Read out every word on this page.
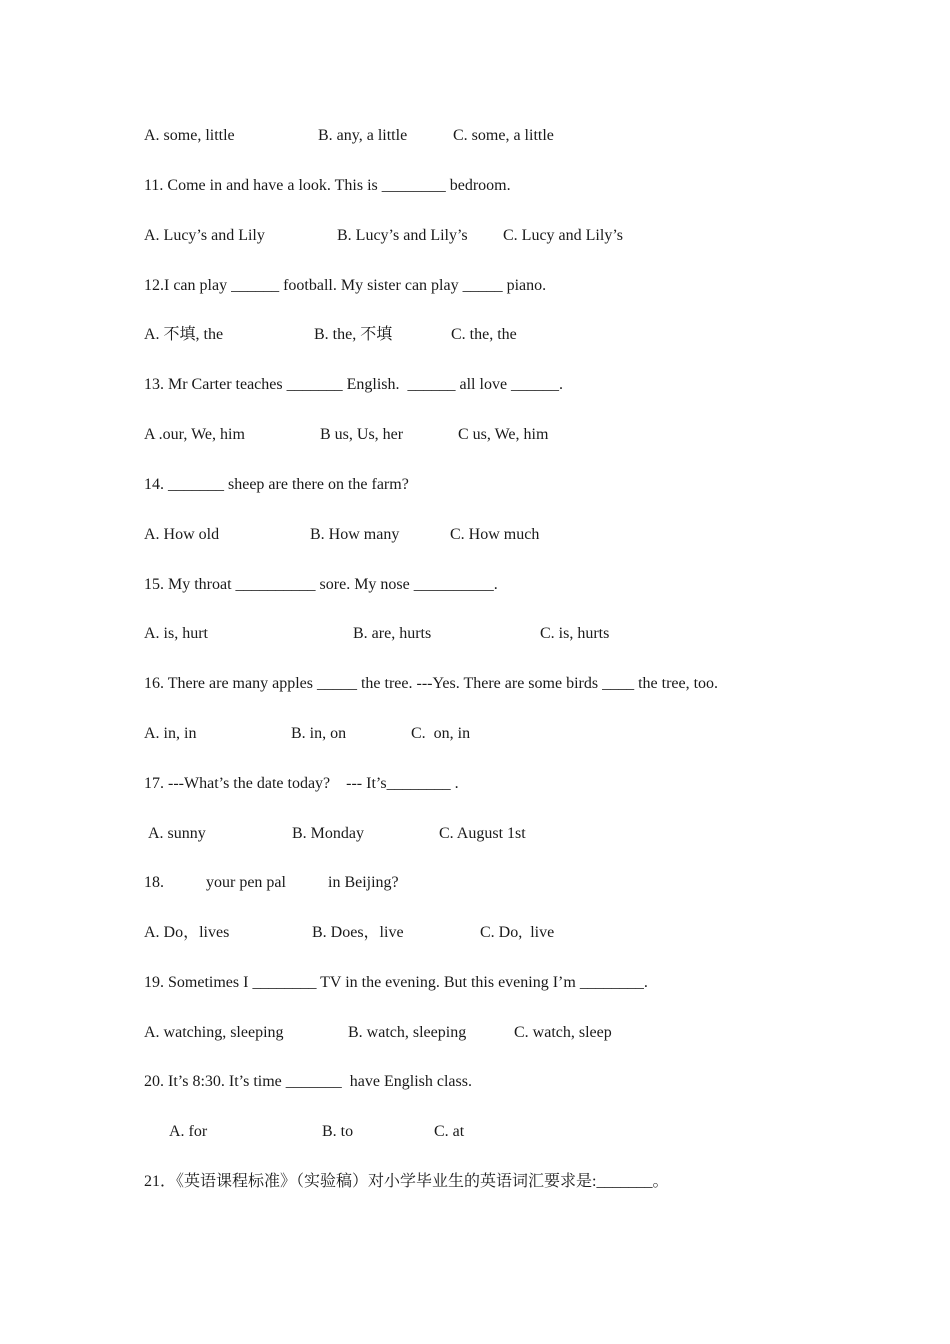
A. some, little

	B. any, a little

	C. some, a little

11. Come in and have a look. This is ________ bedroom.

A. Lucy’s and Lily

	B. Lucy’s and Lily’s

C. Lucy and Lily’s

12.I can play ______ football. My sister can play _____ piano.

A. 不填, the

	B. the, 不填

	C. the, the

13. Mr Carter teaches _______ English.  ______ all love ______.

A .our, We, him

	B us, Us, her

	C us, We, him

14. _______ sheep are there on the farm?

A. How old

	B. How many

	C. How much

15. My throat __________ sore. My nose __________.

A. is, hurt

	B. are, hurts

	C. is, hurts

16. There are many apples _____ the tree. ---Yes. There are some birds ____ the tree, too.

A. in, in

	B. in, on

	C.  on, in

17. ---What’s the date today?    --- It’s________ .

A. sunny

	B. Monday

	C. August 1st

18.

	your pen pal

	in Beijing?

A. Do，lives

	B. Does，live

	C. Do,  live

19. Sometimes I ________ TV in the evening. But this evening I’m ________.

A. watching, sleeping

	B. watch, sleeping

	C. watch, sleep

20. It’s 8:30. It’s time _______  have English class.

A. for

	B. to

	C. at

21．《英语课程标准》（实验稿）对小学毕业生的英语词汇要求是:_______。
